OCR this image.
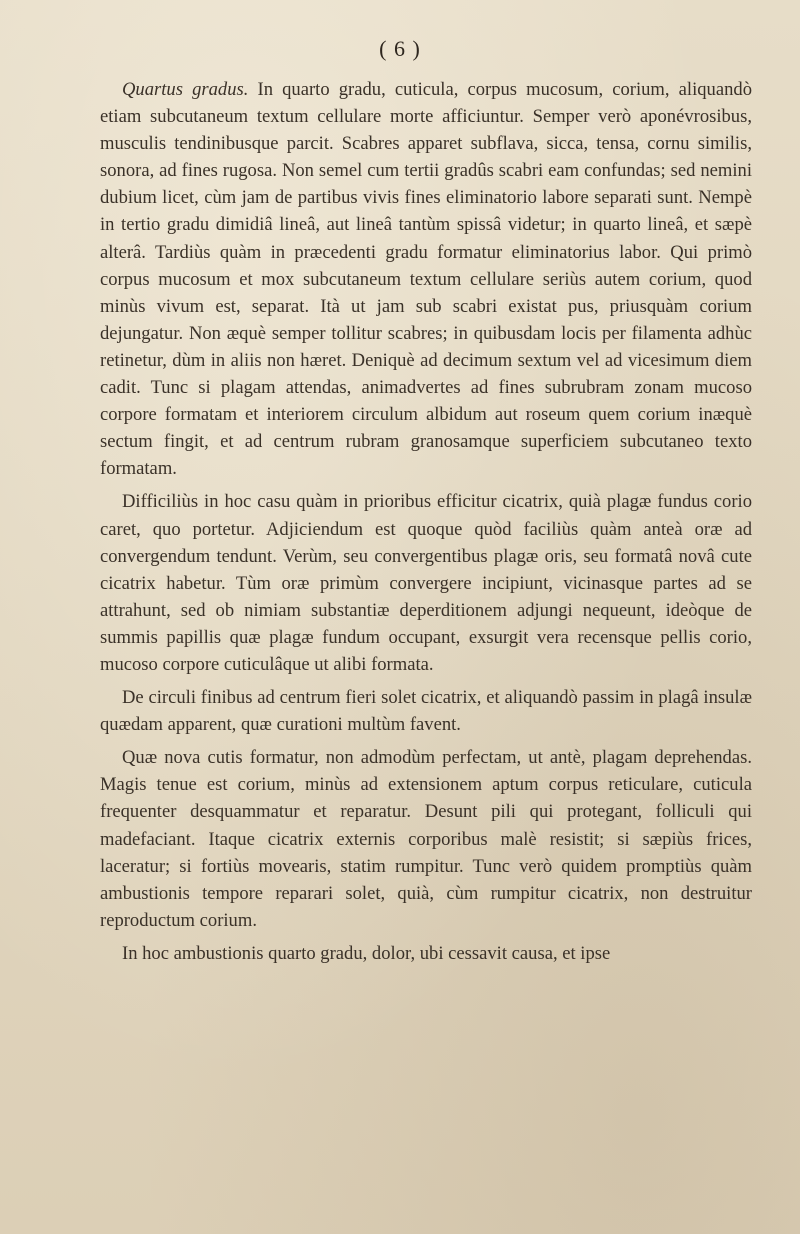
( 6 )

Quartus gradus. In quarto gradu, cuticula, corpus mucosum, corium, aliquandò etiam subcutaneum textum cellulare morte afficiuntur. Semper verò aponévrosibus, musculis tendinibusque parcit. Scabres apparet subflava, sicca, tensa, cornu similis, sonora, ad fines rugosa. Non semel cum tertii gradûs scabri eam confundas; sed nemini dubium licet, cùm jam de partibus vivis fines eliminatorio labore separati sunt. Nempè in tertio gradu dimidiâ lineâ, aut lineâ tantùm spissâ videtur; in quarto lineâ, et sæpè alterâ. Tardiùs quàm in præcedenti gradu formatur eliminatorius labor. Qui primò corpus mucosum et mox subcutaneum textum cellulare seriùs autem corium, quod minùs vivum est, separat. Ità ut jam sub scabri existat pus, priusquàm corium dejungatur. Non æquè semper tollitur scabres; in quibusdam locis per filamenta adhùc retinetur, dùm in aliis non hæret. Deniquè ad decimum sextum vel ad vicesimum diem cadit. Tunc si plagam attendas, animadvertes ad fines subrubram zonam mucoso corpore formatam et interiorem circulum albidum aut roseum quem corium inæquè sectum fingit, et ad centrum rubram granosamque superficiem subcutaneo texto formatam.

Difficiliùs in hoc casu quàm in prioribus efficitur cicatrix, quià plagæ fundus corio caret, quo portetur. Adjiciendum est quoque quòd faciliùs quàm anteà oræ ad convergendum tendunt. Verùm, seu convergentibus plagæ oris, seu formatâ novâ cute cicatrix habetur. Tùm oræ primùm convergere incipiunt, vicinasque partes ad se attrahunt, sed ob nimiam substantiæ deperditionem adjungi nequeunt, ideòque de summis papillis quæ plagæ fundum occupant, exsurgit vera recensque pellis corio, mucoso corpore cuticulâque ut alibi formata.

De circuli finibus ad centrum fieri solet cicatrix, et aliquandò passim in plagâ insulæ quædam apparent, quæ curationi multùm favent.

Quæ nova cutis formatur, non admodùm perfectam, ut antè, plagam deprehendas. Magis tenue est corium, minùs ad extensionem aptum corpus reticulare, cuticula frequenter desquammatur et reparatur. Desunt pili qui protegant, folliculi qui madefaciant. Itaque cicatrix externis corporibus malè resistit; si sæpiùs frices, laceratur; si fortiùs movearis, statim rumpitur. Tunc verò quidem promptiùs quàm ambustionis tempore reparari solet, quià, cùm rumpitur cicatrix, non destruitur reproductum corium.

In hoc ambustionis quarto gradu, dolor, ubi cessavit causa, et ipse
